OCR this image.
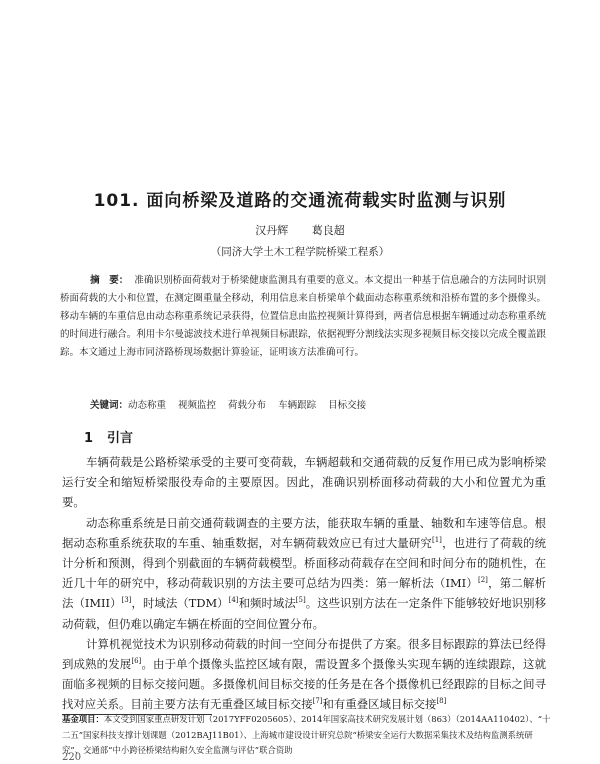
101. 面向桥梁及道路的交通流荷载实时监测与识别
汉丹辉 葛良超
（同济大学土木工程学院桥梁工程系）
摘　要： 准确识别桥面荷载对于桥梁健康监测具有重要的意义。本文提出一种基于信息融合的方法同时识别桥面荷载的大小和位置，在测定圈重量全移动，利用信息来自桥梁单个截面动态称重系统和沿桥布置的多个摄像头。移动车辆的车重信息由动态称重系统记录获得，位置信息由监控视频计算得到，两者信息根据车辆通过动态称重系统的时间进行融合。利用卡尔曼滤波技术进行单视频目标跟踪，依据视野分割线法实现多视频目标交接以完成全覆盖跟踪。本文通过上海市同济路桥现场数据计算验证，证明该方法准确可行。
关键词：动态称重 视频监控 荷载分布 车辆跟踪 目标交接
1 引言

车辆荷载是公路桥梁承受的主要可变荷载，车辆超载和交通荷载的反复作用已成为影响桥梁运行安全和缩短桥梁服役寿命的主要原因。因此，准确识别桥面移动荷载的大小和位置尤为重要。

动态称重系统是日前交通荷载调查的主要方法，能获取车辆的重量、轴数和车速等信息。根据动态称重系统获取的车重、轴重数据，对车辆荷载效应已有过大量研究[1]，也进行了荷载的统计分析和预测，得到个别截面的车辆荷载模型。桥面移动荷载存在空间和时间分布的随机性，在近几十年的研究中，移动荷载识别的方法主要可总结为四类：第一解析法（IMI）[2]，第二解析法（IMII）[3]，时域法（TDM）[4]和频时域法[5]。这些识别方法在一定条件下能够较好地识别移动荷载，但仍难以确定车辆在桥面的空间位置分布。

计算机视觉技术为识别移动荷载的时间一空间分布提供了方案。很多目标跟踪的算法已经得到成熟的发展[6]。由于单个摄像头监控区域有限，需设置多个摄像头实现车辆的连续跟踪，这就面临多视频的目标交接问题。多摄像机间目标交接的任务是在各个摄像机已经跟踪的目标之间寻找对应关系。目前主要方法有无重叠区域目标交接[7]和有重叠区域目标交接[8]

基金项目：本文受到国家重点研发计划（2017YFF0205605）、2014年国家高技术研究发展计划（863）（2014AA110402）、“十二五”国家科技支撑计划课题（2012BAJ11B01）、上海城市建设设计研究总院“桥梁安全运行大数据采集技术及结构监测系统研究”、交通部“中小跨径桥梁结构耐久安全监测与评估”联合资助
220
